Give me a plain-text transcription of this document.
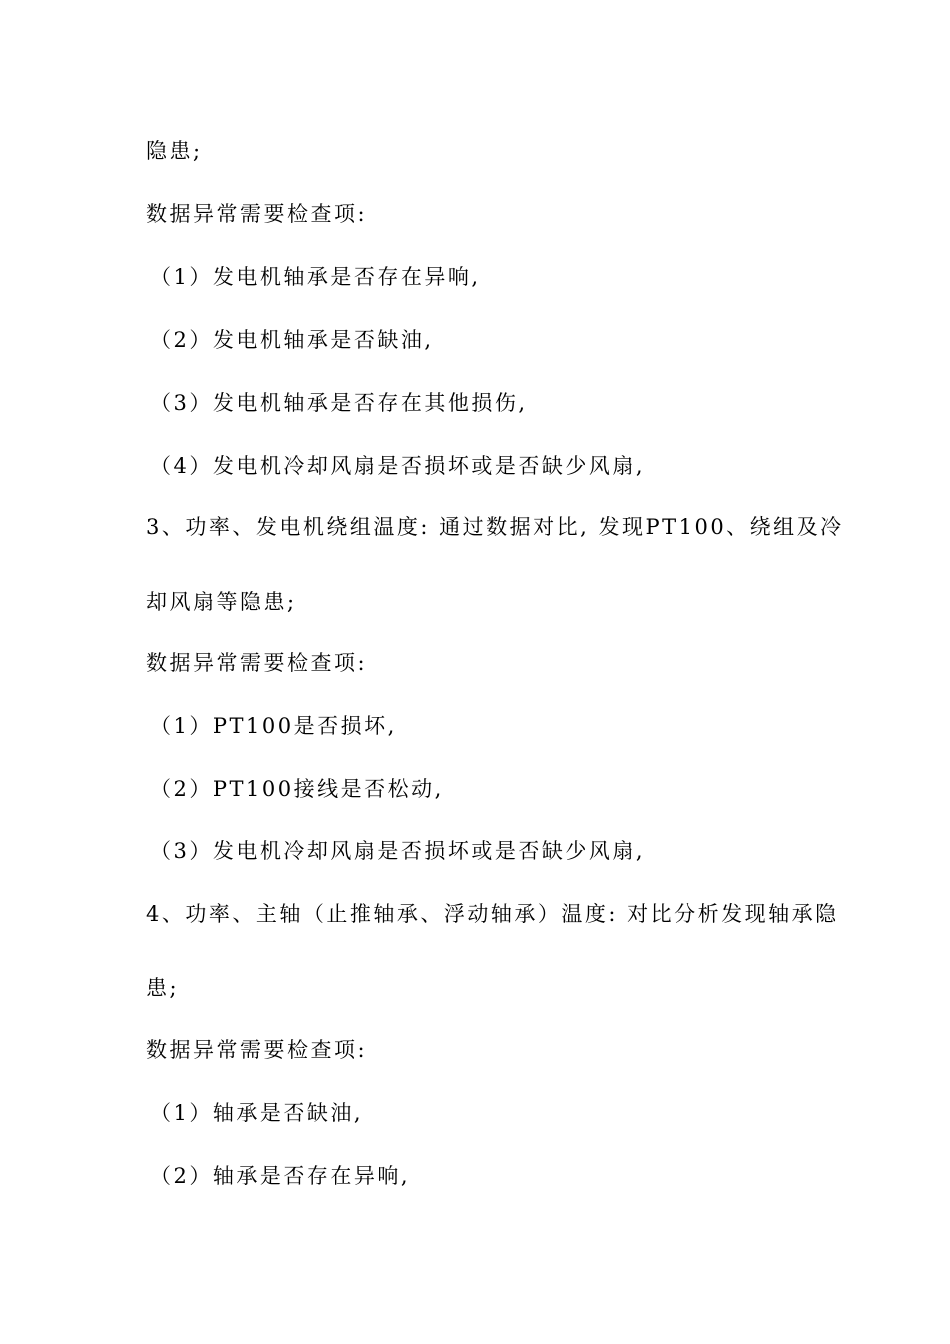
隐患;
数据异常需要检查项:
（1）发电机轴承是否存在异响,
（2）发电机轴承是否缺油,
（3）发电机轴承是否存在其他损伤,
（4）发电机冷却风扇是否损坏或是否缺少风扇,
3、功率、发电机绕组温度: 通过数据对比, 发现PT100、绕组及冷
却风扇等隐患;
数据异常需要检查项:
（1）PT100是否损坏,
（2）PT100接线是否松动,
（3）发电机冷却风扇是否损坏或是否缺少风扇,
4、功率、主轴（止推轴承、浮动轴承）温度: 对比分析发现轴承隐
患;
数据异常需要检查项:
（1）轴承是否缺油,
（2）轴承是否存在异响,
